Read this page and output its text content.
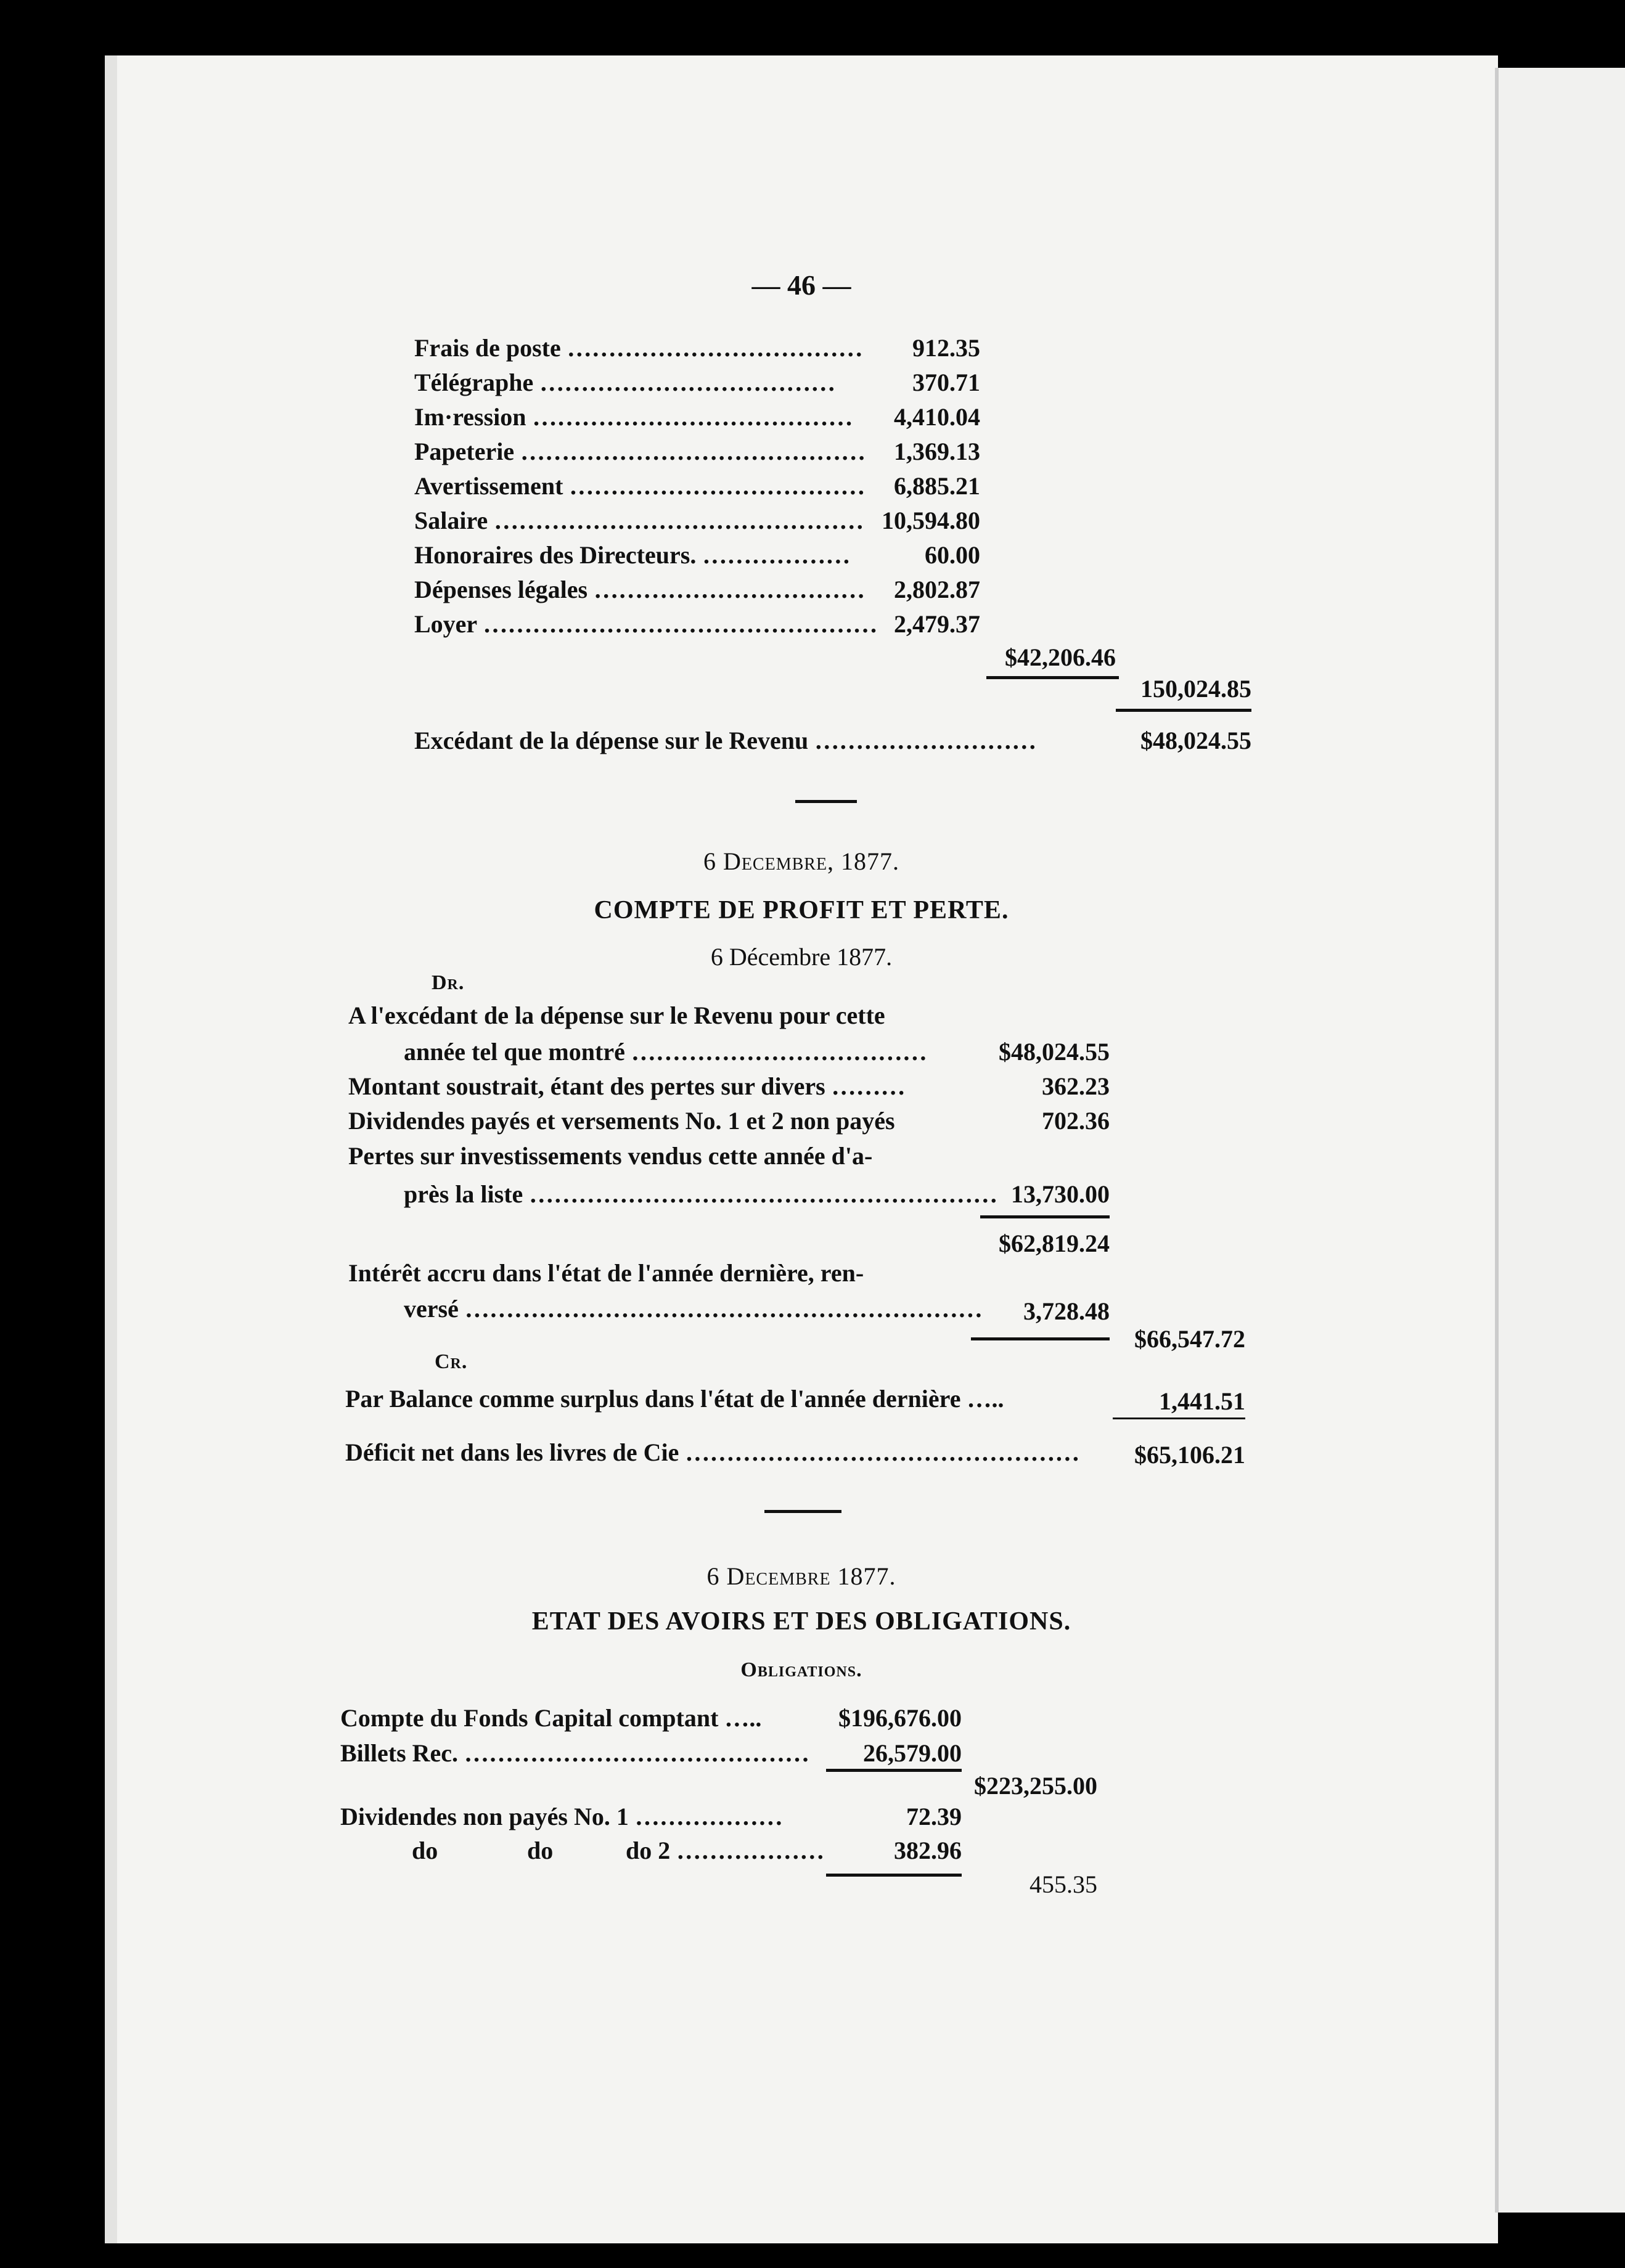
— 46 —
Frais de poste ………………………………	912.35
Télégraphe ………………………………	370.71
Im·ression …………………………………	4,410.04
Papeterie ……………………………………	1,369.13
Avertissement ………………………………	6,885.21
Salaire ……………………………………… 10,594.80
Honoraires des Directeurs. ………………	60.00
Dépenses légales ……………………………	2,802.87
Loyer ………………………………………… 2,479.37
$42,206.46
150,024.85
Excédant de la dépense sur le Revenu ………………………	$48,024.55
6 Decembre, 1877.
COMPTE DE PROFIT ET PERTE.
6 Décembre 1877.
Dr.
A l'excédant de la dépense sur le Revenu pour cette
année tel que montré ………………………………	$48,024.55
Montant soustrait, étant des pertes sur divers ………	362.23
Dividendes payés et versements No. 1 et 2 non payés	702.36
Pertes sur investissements vendus cette année d'a-
près la liste ………………………………………………… 13,730.00
$62,819.24
Intérêt accru dans l'état de l'année dernière, ren-
versé ………………………………………………………	3,728.48
$66,547.72
Cr.
Par Balance comme surplus dans l'état de l'année dernière …..	1,441.51
Déficit net dans les livres de Cie …………………………………………	$65,106.21
6 Decembre 1877.
ETAT DES AVOIRS ET DES OBLIGATIONS.
Obligations.
Compte du Fonds Capital comptant …..	$196,676.00
Billets Rec. ……………………………………	26,579.00
$223,255.00
Dividendes non payés No. 1 ………………	72.39
do	do	do 2 ………………	382.96
455.35
